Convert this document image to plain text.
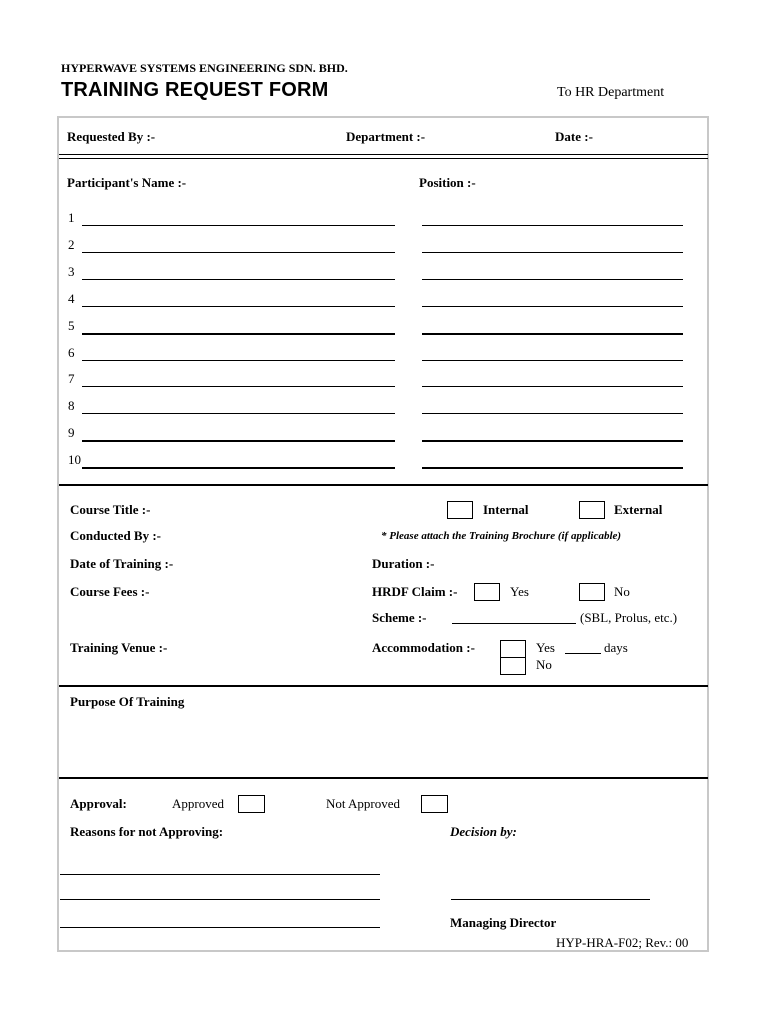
HYPERWAVE SYSTEMS ENGINEERING SDN. BHD.
TRAINING REQUEST FORM	To HR Department
Requested By :-	Department :-	Date :-
Participant's Name :-	Position :-
1
2
3
4
5
6
7
8
9
10
Course Title :-	Internal	External
Conducted By :-	* Please attach the Training Brochure (if applicable)
Date of Training :-	Duration :-
Course Fees :-	HRDF Claim :-	Yes	No
Scheme :-	(SBL, Prolus, etc.)
Training Venue :-	Accommodation :-	Yes	days
No
Purpose Of Training
Approval:	Approved	Not Approved
Reasons for not Approving:	Decision by:
Managing Director
HYP-HRA-F02; Rev.: 00
